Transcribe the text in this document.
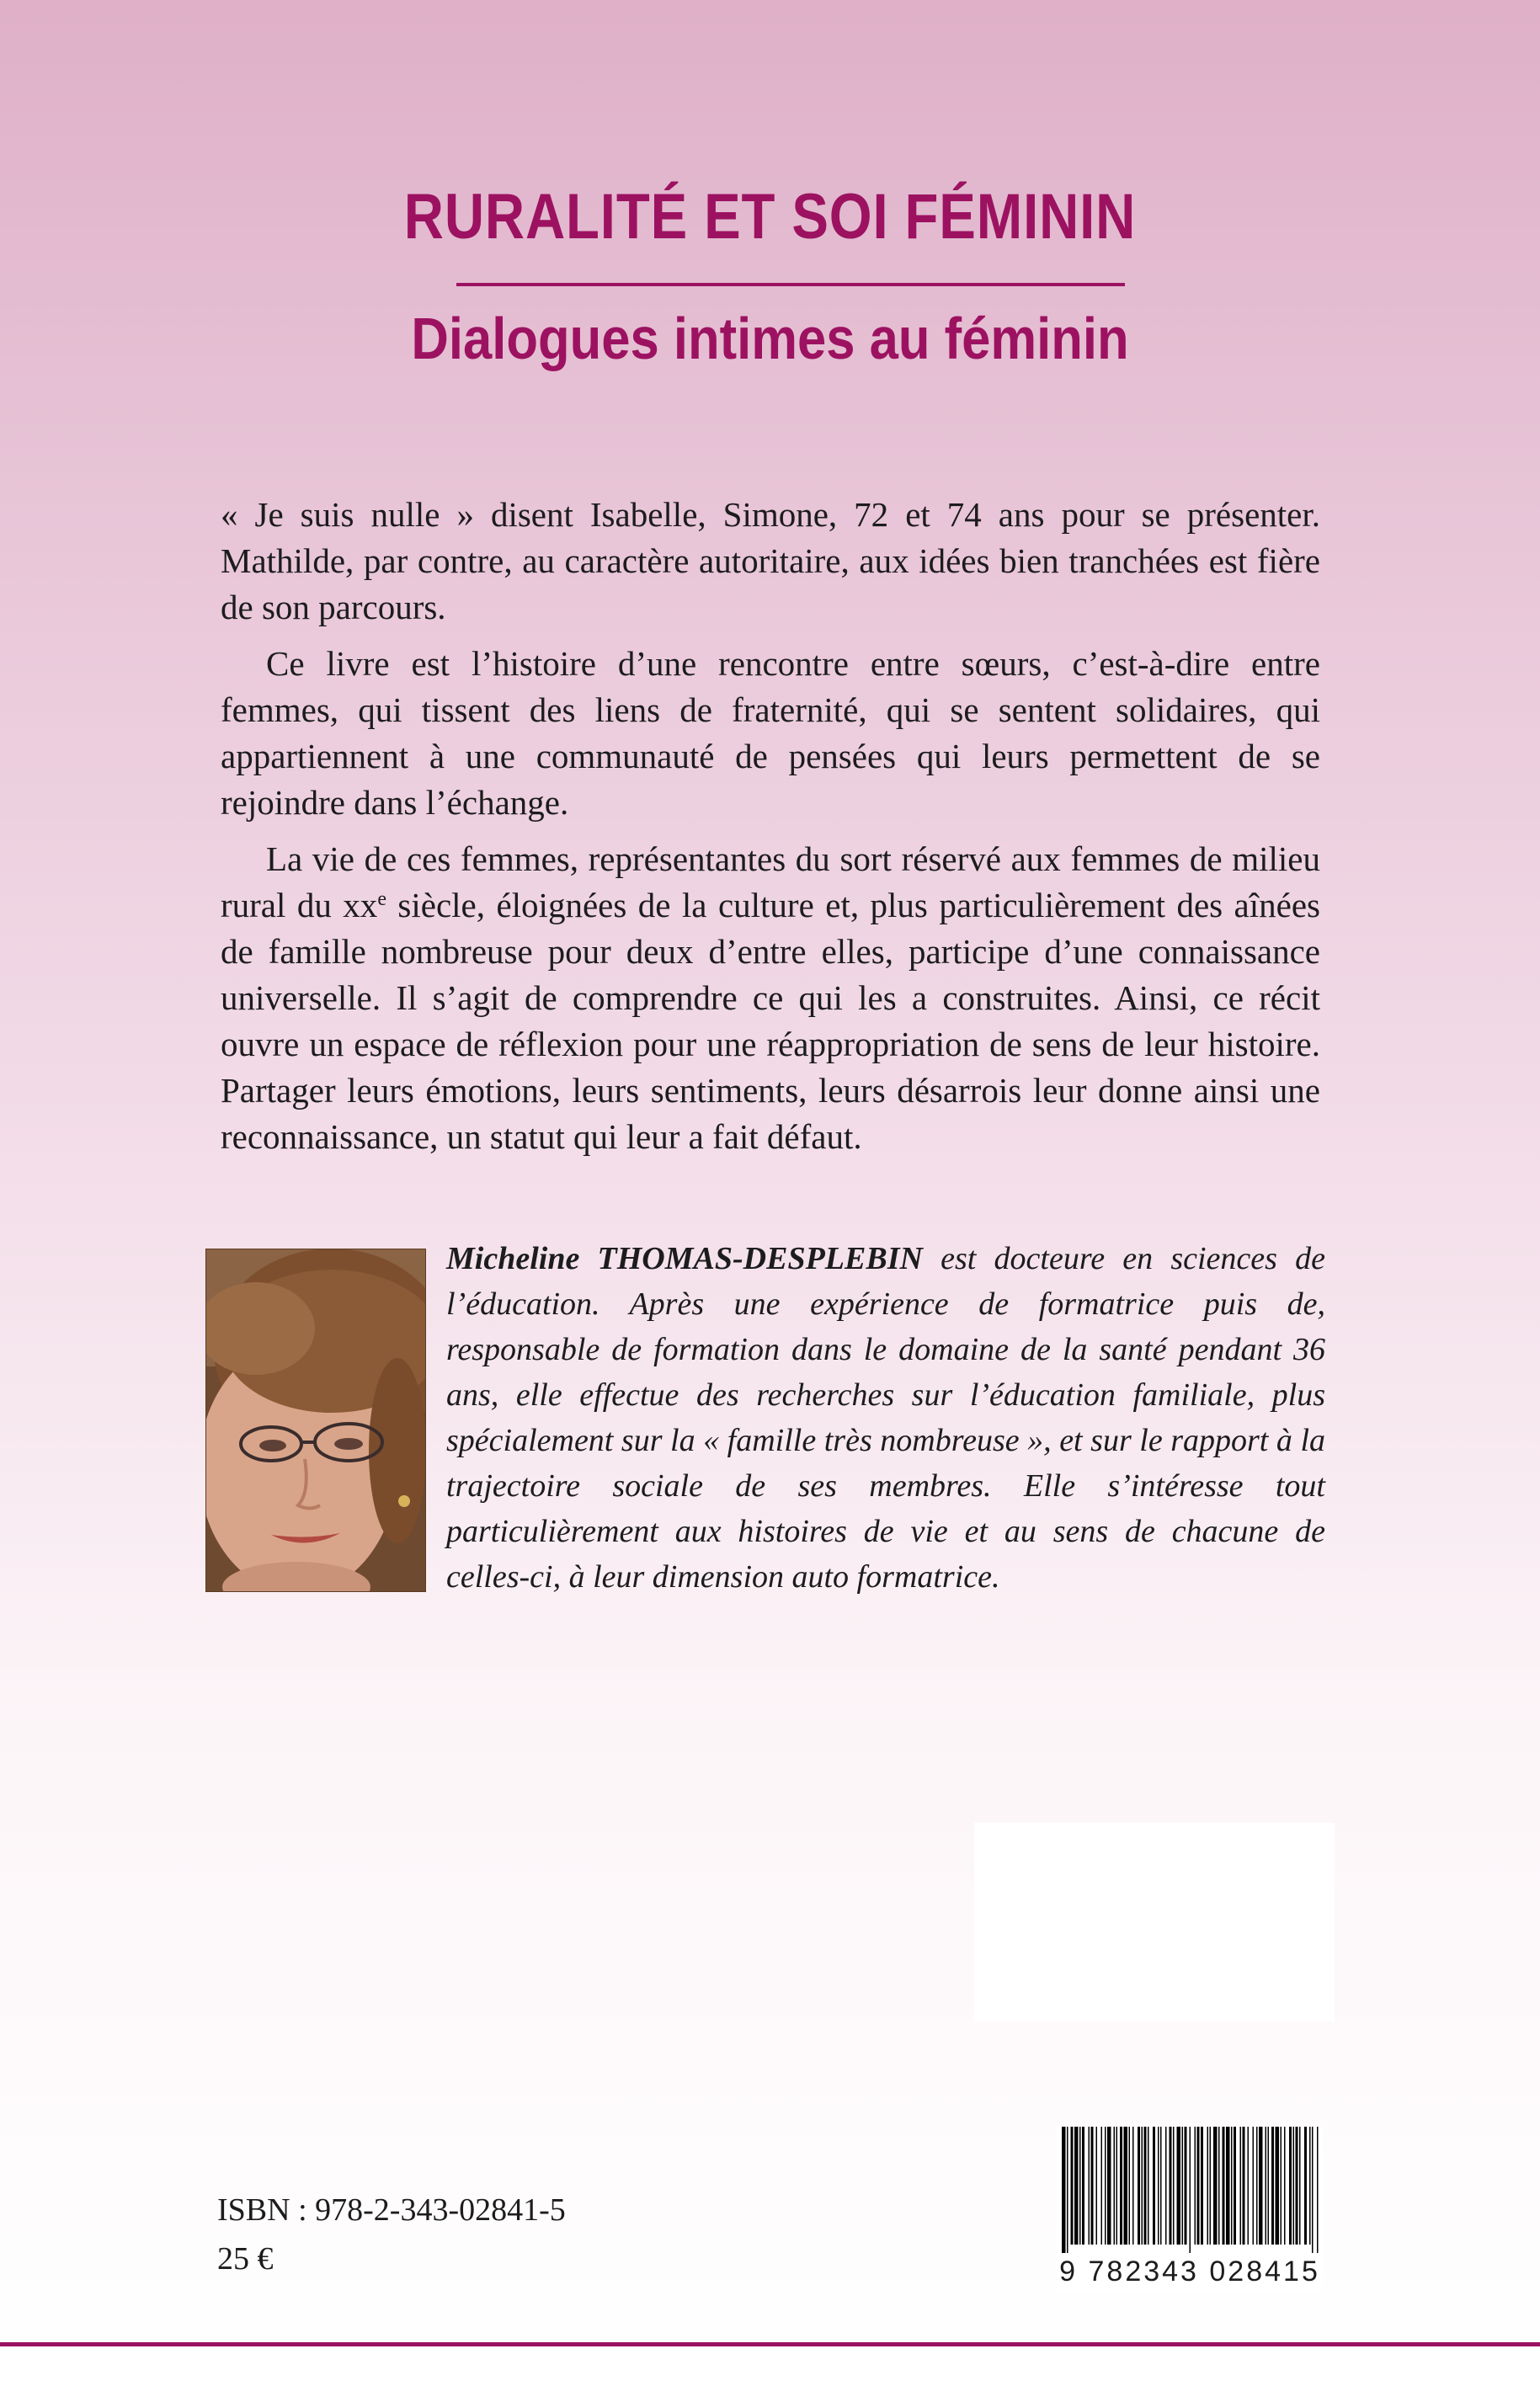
RURALITÉ ET SOI FÉMININ
Dialogues intimes au féminin

« Je suis nulle » disent Isabelle, Simone, 72 et 74 ans pour se présenter. Mathilde, par contre, au caractère autoritaire, aux idées bien tranchées est fière de son parcours.

Ce livre est l’histoire d’une rencontre entre sœurs, c’est-à-dire entre femmes, qui tissent des liens de fraternité, qui se sentent solidaires, qui appartiennent à une communauté de pensées qui leurs permettent de se rejoindre dans l’échange.

La vie de ces femmes, représentantes du sort réservé aux femmes de milieu rural du $xx^e$ siècle, éloignées de la culture et, plus particulièrement des aînées de famille nombreuse pour deux d’entre elles, participe d’une connaissance universelle. Il s’agit de comprendre ce qui les a construites. Ainsi, ce récit ouvre un espace de réflexion pour une réappropriation de sens de leur histoire. Partager leurs émotions, leurs sentiments, leurs désarrois leur donne ainsi une reconnaissance, un statut qui leur a fait défaut.

Micheline THOMAS-DESPLEBIN est docteure en sciences de l’éducation. Après une expérience de formatrice puis de, responsable de formation dans le domaine de la santé pendant 36 ans, elle effectue des recherches sur l’éducation familiale, plus spécialement sur la « famille très nombreuse », et sur le rapport à la trajectoire sociale de ses membres. Elle s’intéresse tout particulièrement aux histoires de vie et au sens de chacune de celles-ci, à leur dimension auto formatrice.

ISBN : 978-2-343-02841-5

25 €	9 782343 028415
